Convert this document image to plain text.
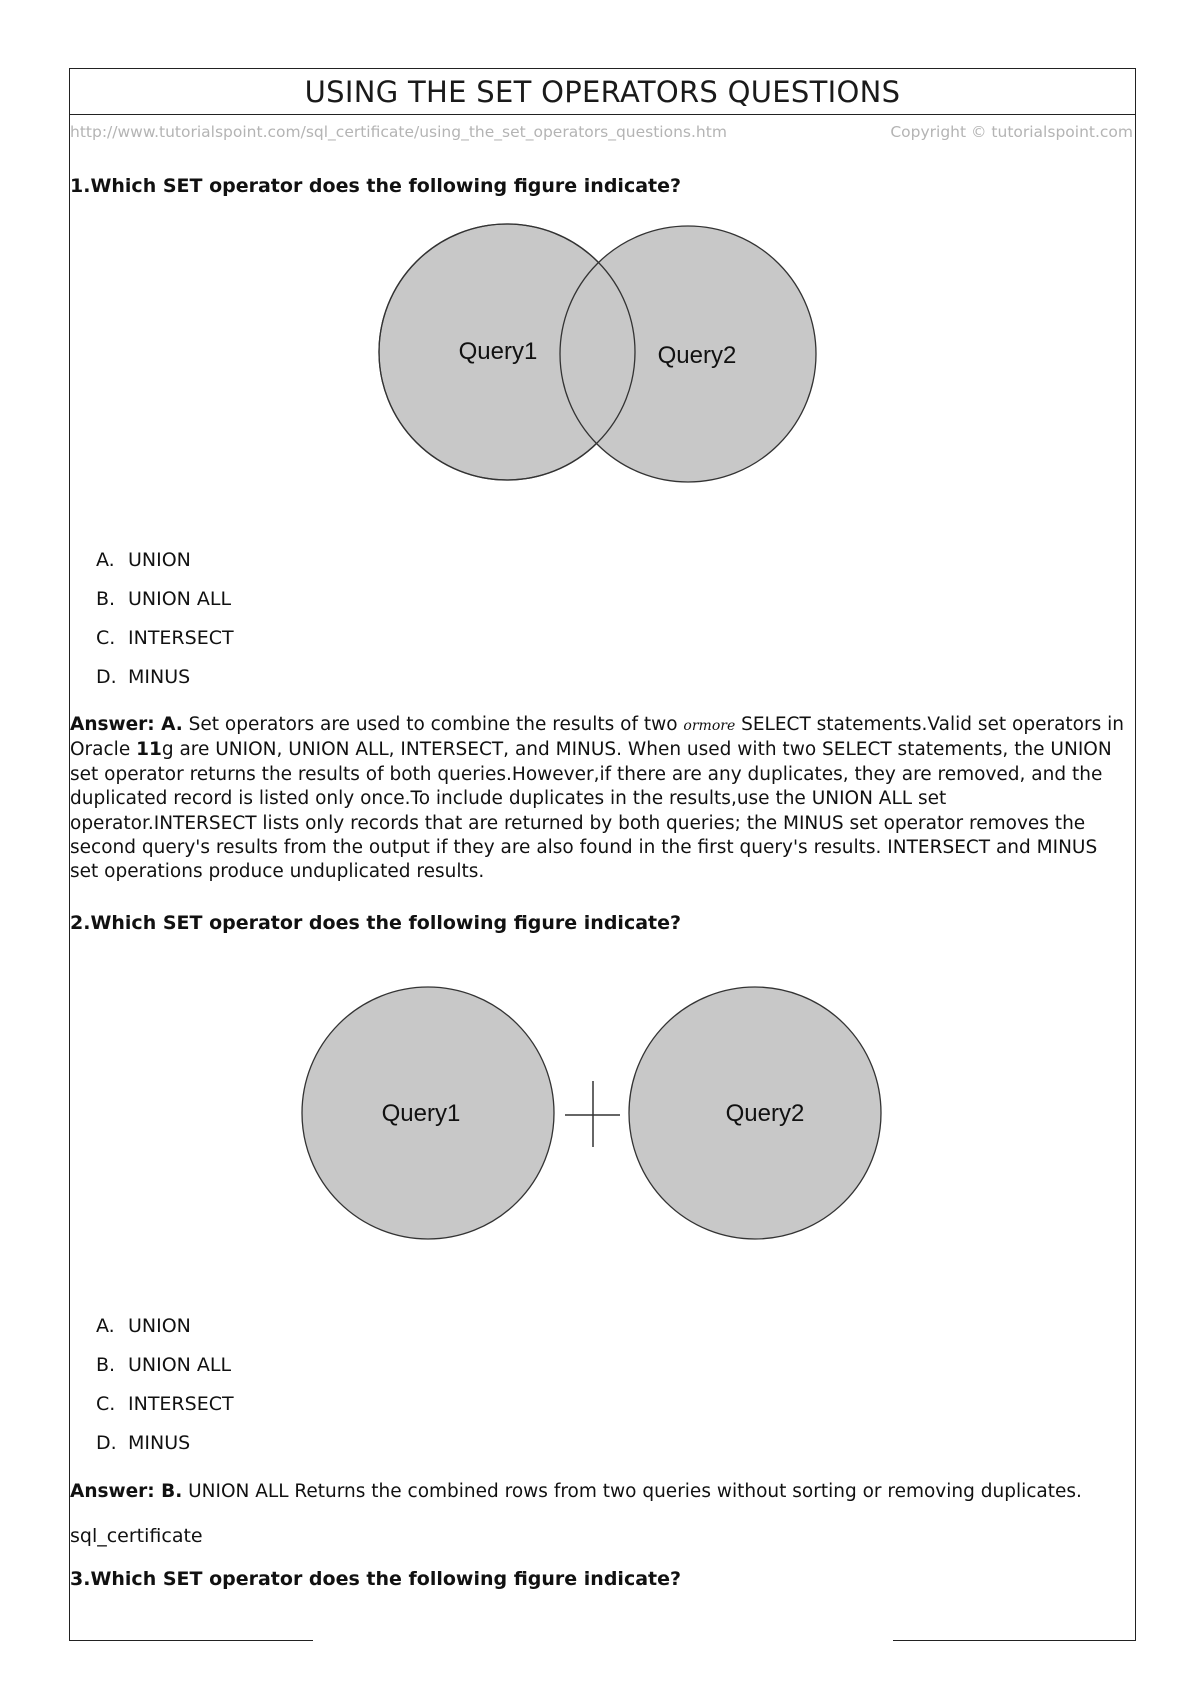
USING THE SET OPERATORS QUESTIONS
http://www.tutorialspoint.com/sql_certificate/using_the_set_operators_questions.htm	Copyright © tutorialspoint.com
1.Which SET operator does the following figure indicate?
Query1	Query2
A. UNION
B. UNION ALL
C. INTERSECT
D. MINUS
Answer: A. Set operators are used to combine the results of two ormore SELECT statements.Valid set operators in Oracle 11g are UNION, UNION ALL, INTERSECT, and MINUS. When used with two SELECT statements, the UNION set operator returns the results of both queries.However,if there are any duplicates, they are removed, and the duplicated record is listed only once.To include duplicates in the results,use the UNION ALL set operator.INTERSECT lists only records that are returned by both queries; the MINUS set operator removes the second query's results from the output if they are also found in the first query's results. INTERSECT and MINUS set operations produce unduplicated results.
2.Which SET operator does the following figure indicate?
Query1	Query2
A. UNION
B. UNION ALL
C. INTERSECT
D. MINUS
Answer: B. UNION ALL Returns the combined rows from two queries without sorting or removing duplicates.
sql_certificate
3.Which SET operator does the following figure indicate?
